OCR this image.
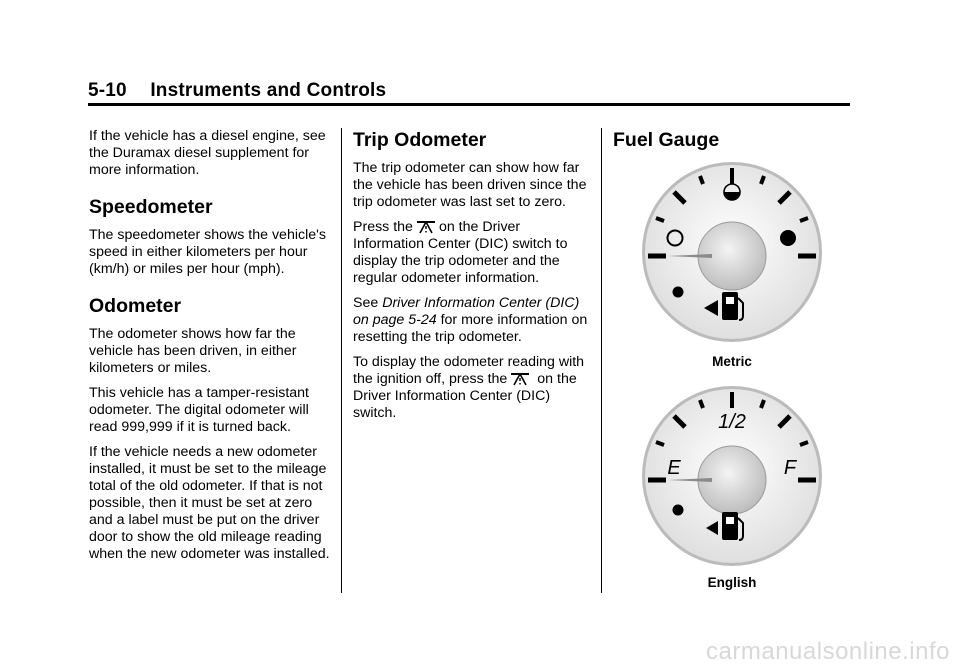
5-10 Instruments and Controls

If the vehicle has a diesel engine, see the Duramax diesel supplement for more information.

Speedometer

The speedometer shows the vehicle's speed in either kilometers per hour (km/h) or miles per hour (mph).

Odometer

The odometer shows how far the vehicle has been driven, in either kilometers or miles.

This vehicle has a tamper-resistant odometer. The digital odometer will read 999,999 if it is turned back.

If the vehicle needs a new odometer installed, it must be set to the mileage total of the old odometer. If that is not possible, then it must be set at zero and a label must be put on the driver door to show the old mileage reading when the new odometer was installed.

Trip Odometer

The trip odometer can show how far the vehicle has been driven since the trip odometer was last set to zero.

Press the on the Driver Information Center (DIC) switch to display the trip odometer and the regular odometer information.

See Driver Information Center (DIC) on page 5-24 for more information on resetting the trip odometer.

To display the odometer reading with the ignition off, press the on the Driver Information Center (DIC) switch.

Fuel Gauge
Metric
1/2
E	F
English
carmanualsonline.info
